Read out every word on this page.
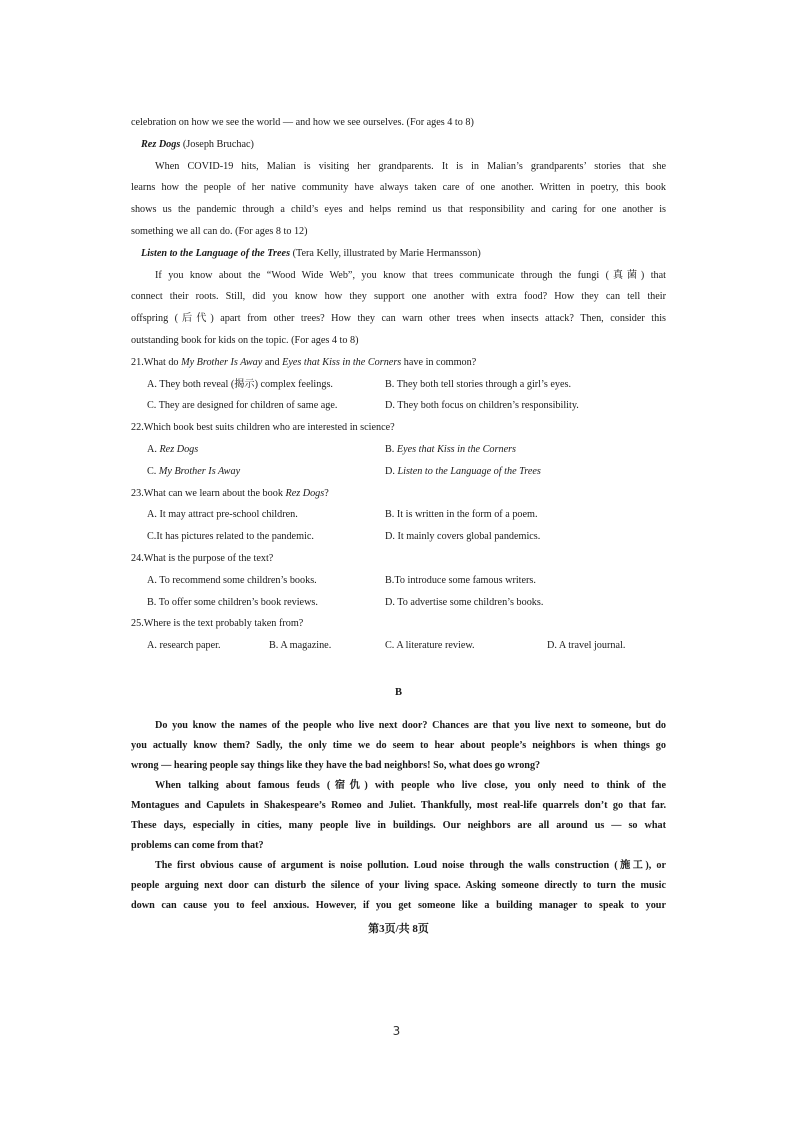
celebration on how we see the world — and how we see ourselves. (For ages 4 to 8)
Rez Dogs (Joseph Bruchac)
When COVID-19 hits, Malian is visiting her grandparents. It is in Malian’s grandparents’ stories that she
learns how the people of her native community have always taken care of one another. Written in poetry, this book
shows us the pandemic through a child’s eyes and helps remind us that responsibility and caring for one another is
something we all can do. (For ages 8 to 12)
Listen to the Language of the Trees (Tera Kelly, illustrated by Marie Hermansson)
If you know about the “Wood Wide Web”, you know that trees communicate through the fungi (真菌) that
connect their roots. Still, did you know how they support one another with extra food? How they can tell their
offspring (后代) apart from other trees? How they can warn other trees when insects attack? Then, consider this
outstanding book for kids on the topic. (For ages 4 to 8)
21.What do My Brother Is Away and Eyes that Kiss in the Corners have in common?
A. They both reveal (揭示) complex feelings.	B. They both tell stories through a girl’s eyes.
C. They are designed for children of same age.	D. They both focus on children’s responsibility.
22.Which book best suits children who are interested in science?
A. Rez Dogs	B. Eyes that Kiss in the Corners
C. My Brother Is Away	D. Listen to the Language of the Trees
23.What can we learn about the book Rez Dogs?
A. It may attract pre-school children.	B. It is written in the form of a poem.
C.It has pictures related to the pandemic.	D. It mainly covers global pandemics.
24.What is the purpose of the text?
A. To recommend some children’s books.	B.To introduce some famous writers.
B. To offer some children’s book reviews.	D. To advertise some children’s books.
25.Where is the text probably taken from?
A. research paper.	B. A magazine.	C. A literature review.	D. A travel journal.
B
Do you know the names of the people who live next door? Chances are that you live next to someone, but do
you actually know them? Sadly, the only time we do seem to hear about people’s neighbors is when things go
wrong — hearing people say things like they have the bad neighbors! So, what does go wrong?
When talking about famous feuds (宿仇) with people who live close, you only need to think of the
Montagues and Capulets in Shakespeare’s Romeo and Juliet. Thankfully, most real-life quarrels don’t go that far.
These days, especially in cities, many people live in buildings. Our neighbors are all around us — so what
problems can come from that?
The first obvious cause of argument is noise pollution. Loud noise through the walls construction (施工), or
people arguing next door can disturb the silence of your living space. Asking someone directly to turn the music
down can cause you to feel anxious. However, if you get someone like a building manager to speak to your
第3页/共 8页
3
